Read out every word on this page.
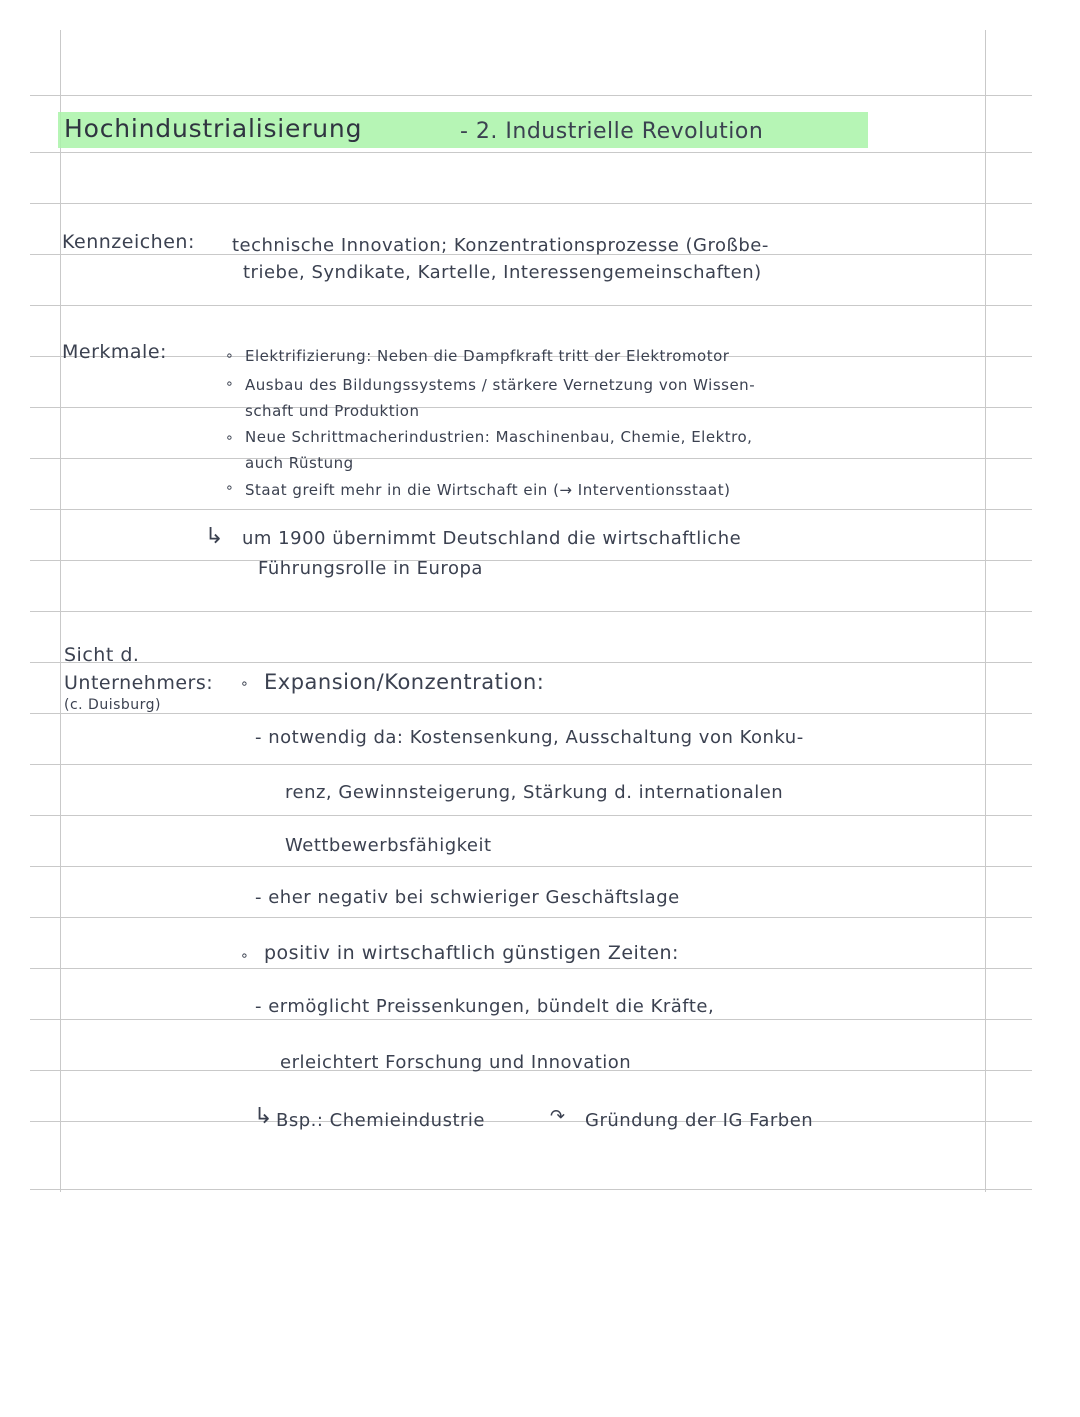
Hochindustrialisierung	- 2. Industrielle Revolution
Kennzeichen: technische Innovation; Konzentrationsprozesse (Großbe-
triebe, Syndikate, Kartelle, Interessengemeinschaften)
Merkmale:	∘ Elektrifizierung: Neben die Dampfkraft tritt der Elektromotor
∘ Ausbau des Bildungssystems / stärkere Vernetzung von Wissen-
schaft und Produktion
∘ Neue Schrittmacherindustrien: Maschinenbau, Chemie, Elektro,
auch Rüstung
∘ Staat greift mehr in die Wirtschaft ein (→ Interventionsstaat)
↳ um 1900 übernimmt Deutschland die wirtschaftliche
Führungsrolle in Europa
Sicht d.
Unternehmers:
(c. Duisburg)
∘ Expansion/Konzentration:
- notwendig da: Kostensenkung, Ausschaltung von Konku-
renz, Gewinnsteigerung, Stärkung d. internationalen
Wettbewerbsfähigkeit
- eher negativ bei schwieriger Geschäftslage
∘ positiv in wirtschaftlich günstigen Zeiten:
- ermöglicht Preissenkungen, bündelt die Kräfte,
erleichtert Forschung und Innovation
↳ Bsp.: Chemieindustrie	↷ Gründung der IG Farben
